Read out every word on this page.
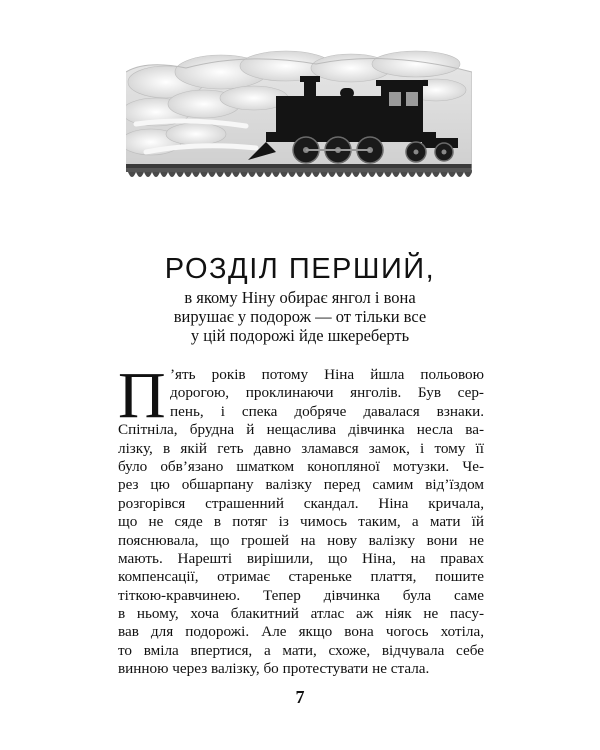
РОЗДІЛ ПЕРШИЙ,
в якому Ніну обирає янгол і вона
вирушає у подорож — от тільки все
у цій подорожі йде шкереберть
П ’ять років потому Ніна йшла польовою
дорогою, проклинаючи янголів. Був сер-
пень, і спека добряче давалася взнаки.
Спітніла, брудна й нещаслива дівчинка несла ва-
лізку, в якій геть давно зламався замок, і тому її
було обв’язано шматком конопляної мотузки. Че-
рез цю обшарпану валізку перед самим від’їздом
розгорівся страшенний скандал. Ніна кричала,
що не сяде в потяг із чимось таким, а мати їй
пояснювала, що грошей на нову валізку вони не
мають. Нарешті вирішили, що Ніна, на правах
компенсації, отримає стареньке плаття, пошите
тіткою-кравчинею. Тепер дівчинка була саме
в ньому, хоча блакитний атлас аж ніяк не пасу-
вав для подорожі. Але якщо вона чогось хотіла,
то вміла впертися, а мати, схоже, відчувала себе
винною через валізку, бо протестувати не стала.
7
